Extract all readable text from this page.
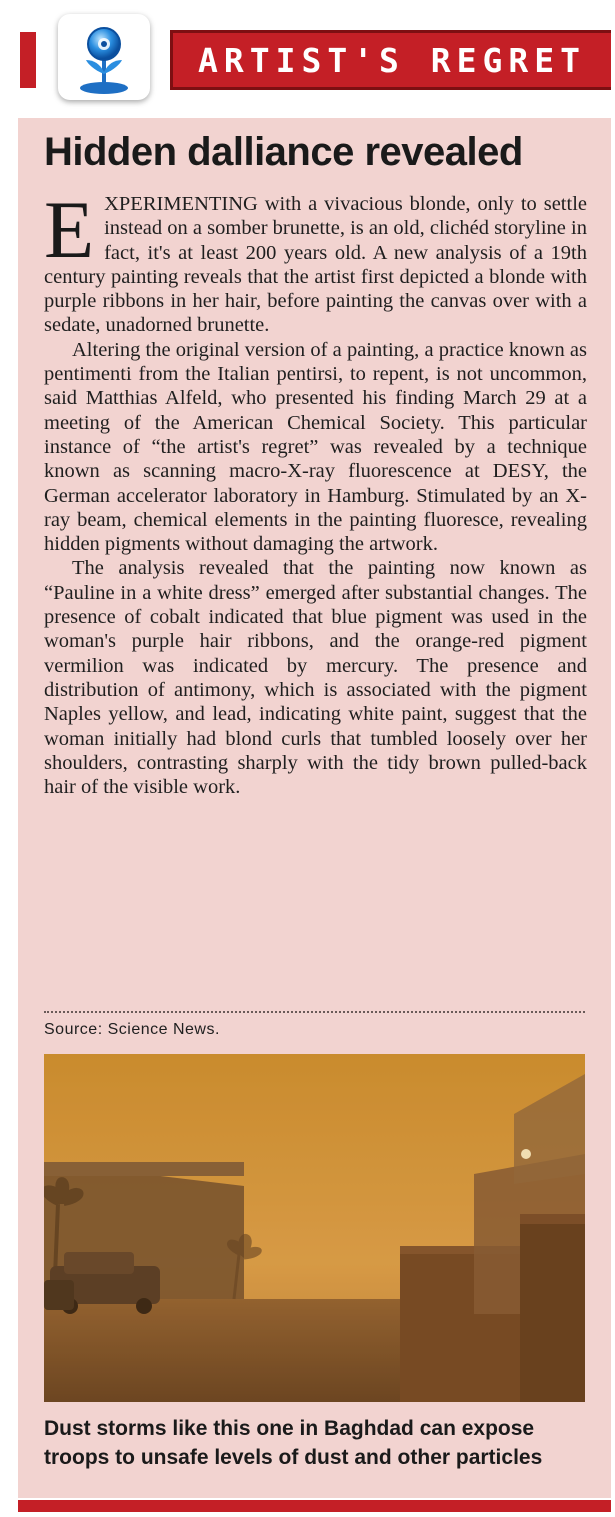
ARTIST'S REGRET
Hidden dalliance revealed

EXPERIMENTING with a vivacious blonde, only to settle instead on a somber brunette, is an old, clichéd storyline in fact, it's at least 200 years old. A new analysis of a 19th century painting reveals that the artist first depicted a blonde with purple ribbons in her hair, before painting the canvas over with a sedate, unadorned brunette.

Altering the original version of a painting, a practice known as pentimenti from the Italian pentirsi, to repent, is not uncommon, said Matthias Alfeld, who presented his finding March 29 at a meeting of the American Chemical Society. This particular instance of “the artist's regret” was revealed by a technique known as scanning macro-X-ray fluorescence at DESY, the German accelerator laboratory in Hamburg. Stimulated by an X-ray beam, chemical elements in the painting fluoresce, revealing hidden pigments without damaging the artwork.

The analysis revealed that the painting now known as “Pauline in a white dress” emerged after substantial changes. The presence of cobalt indicated that blue pigment was used in the woman's purple hair ribbons, and the orange-red pigment vermilion was indicated by mercury. The presence and distribution of antimony, which is associated with the pigment Naples yellow, and lead, indicating white paint, suggest that the woman initially had blond curls that tumbled loosely over her shoulders, contrasting sharply with the tidy brown pulled-back hair of the visible work.

Source: Science News.
Dust storms like this one in Baghdad can expose troops to unsafe levels of dust and other particles
